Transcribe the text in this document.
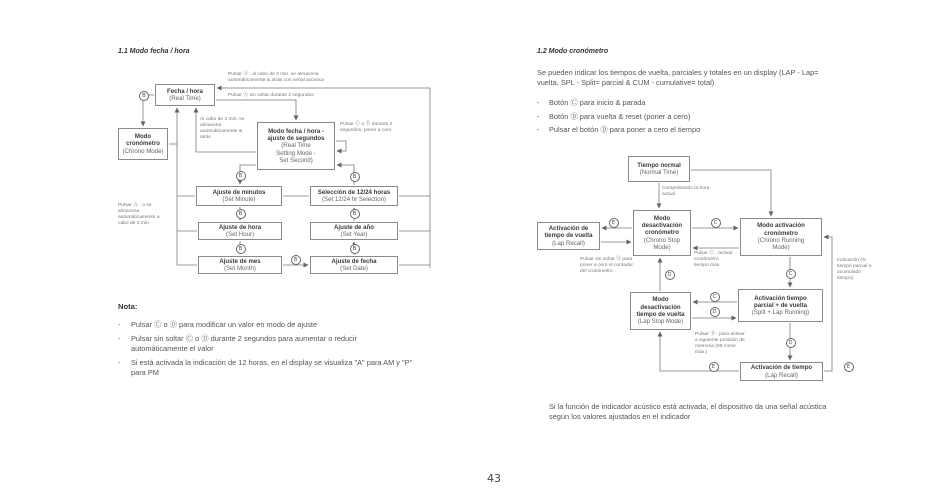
1.1 Modo fecha / hora
Fecha / hora
(Real Time)
Modo
cronómetro
(Chrono Mode)
Modo fecha / hora -
ajuste de segundos
(Real Time
Setting Mode -
Set Second)
Ajuste de minutos
(Set Minute)
Selección de 12/24 horas
(Set 12/24 hr Selection)
Ajuste de hora
(Set Hour)
Ajuste de año
(Set Year)
Ajuste de mes
(Set Month)
Ajuste de fecha
(Set Date)
Pulsar Ⓐ : al cabo de 3 min. se almacena
automáticamente & atrás con señal acústica
Pulsar Ⓐ sin soltar durante 2 segundos
Al cabo de 3 min. se
almacena
automáticamente &
atrás
Pulsar Ⓒ o Ⓓ durante 2
segundos, poner a cero
Pulsar Ⓐ : o se
almacena
automáticamente a
cabo de 3 min
B
B
B
B
B
B
B
B
Nota:
- Pulsar Ⓒ o Ⓓ para modificar un valor en modo de ajuste
- Pulsar sin soltar Ⓒ o Ⓓ durante 2 segundos para aumentar o reducir
automáticamente el valor
- Si está activada la indicación de 12 horas, en el display se visualiza "A" para AM y "P"
para PM
1.2 Modo cronómetro
Se pueden indicar los tiempos de vuelta, parciales y totales en un display (LAP - Lap=
vuelta, SPL - Split= parcial & CUM - cumulative= total)
- Botón Ⓒ para inicio & parada
- Botón Ⓓ para vuelta & reset (poner a cero)
- Pulsar el botón Ⓓ para poner a cero el tiempo
Tiempo normal
(Normal Time)
Modo
desactivación
cronómetro
(Chrono Stop
Mode)
Activación de
tiempo de vuelta
(Lap Recall)
Modo activación
cronómetro
(Chrono Running
Mode)
Modo
desactivación
tiempo de vuelta
(Lap Stop Mode)
Activación tiempo
parcial + de vuelta
(Split + Lap Running)
Activación de tiempo
(Lap Recall)
Comprobando la hora
actual
Pulsar Ⓒ : activar
cronómetro
tiempo máx.
Pulsar sin soltar Ⓓ para
poner a cero el contador
del cronómetro
Indicación (%
tiempo parcial o
acumulado
tiempo)
Pulsar Ⓓ : para activar
a siguiente posición de
memoria (99 como
máx.)
E	C
C
D
C
D
D
E	E
Si la función de indicador acústico está activada, el dispositivo da una señal acústica
según los valores ajustados en el indicador
43
